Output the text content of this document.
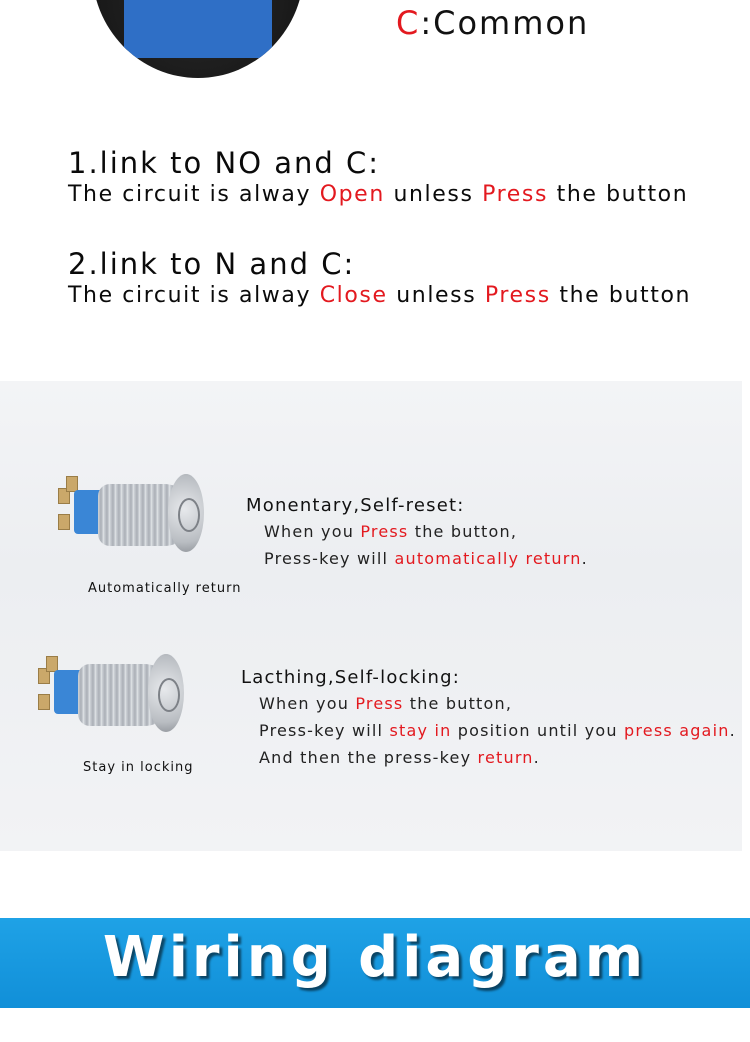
C:Common
1.link to NO and C:
The circuit is alway Open unless Press the button
2.link to N and C:
The circuit is alway Close unless Press the button
Automatically return
Monentary,Self-reset:
When you Press the button,
Press-key will automatically return.
Stay in locking
Lacthing,Self-locking:
When you Press the button,
Press-key will stay in position until you press again.
And then the press-key return.
Wiring diagram
